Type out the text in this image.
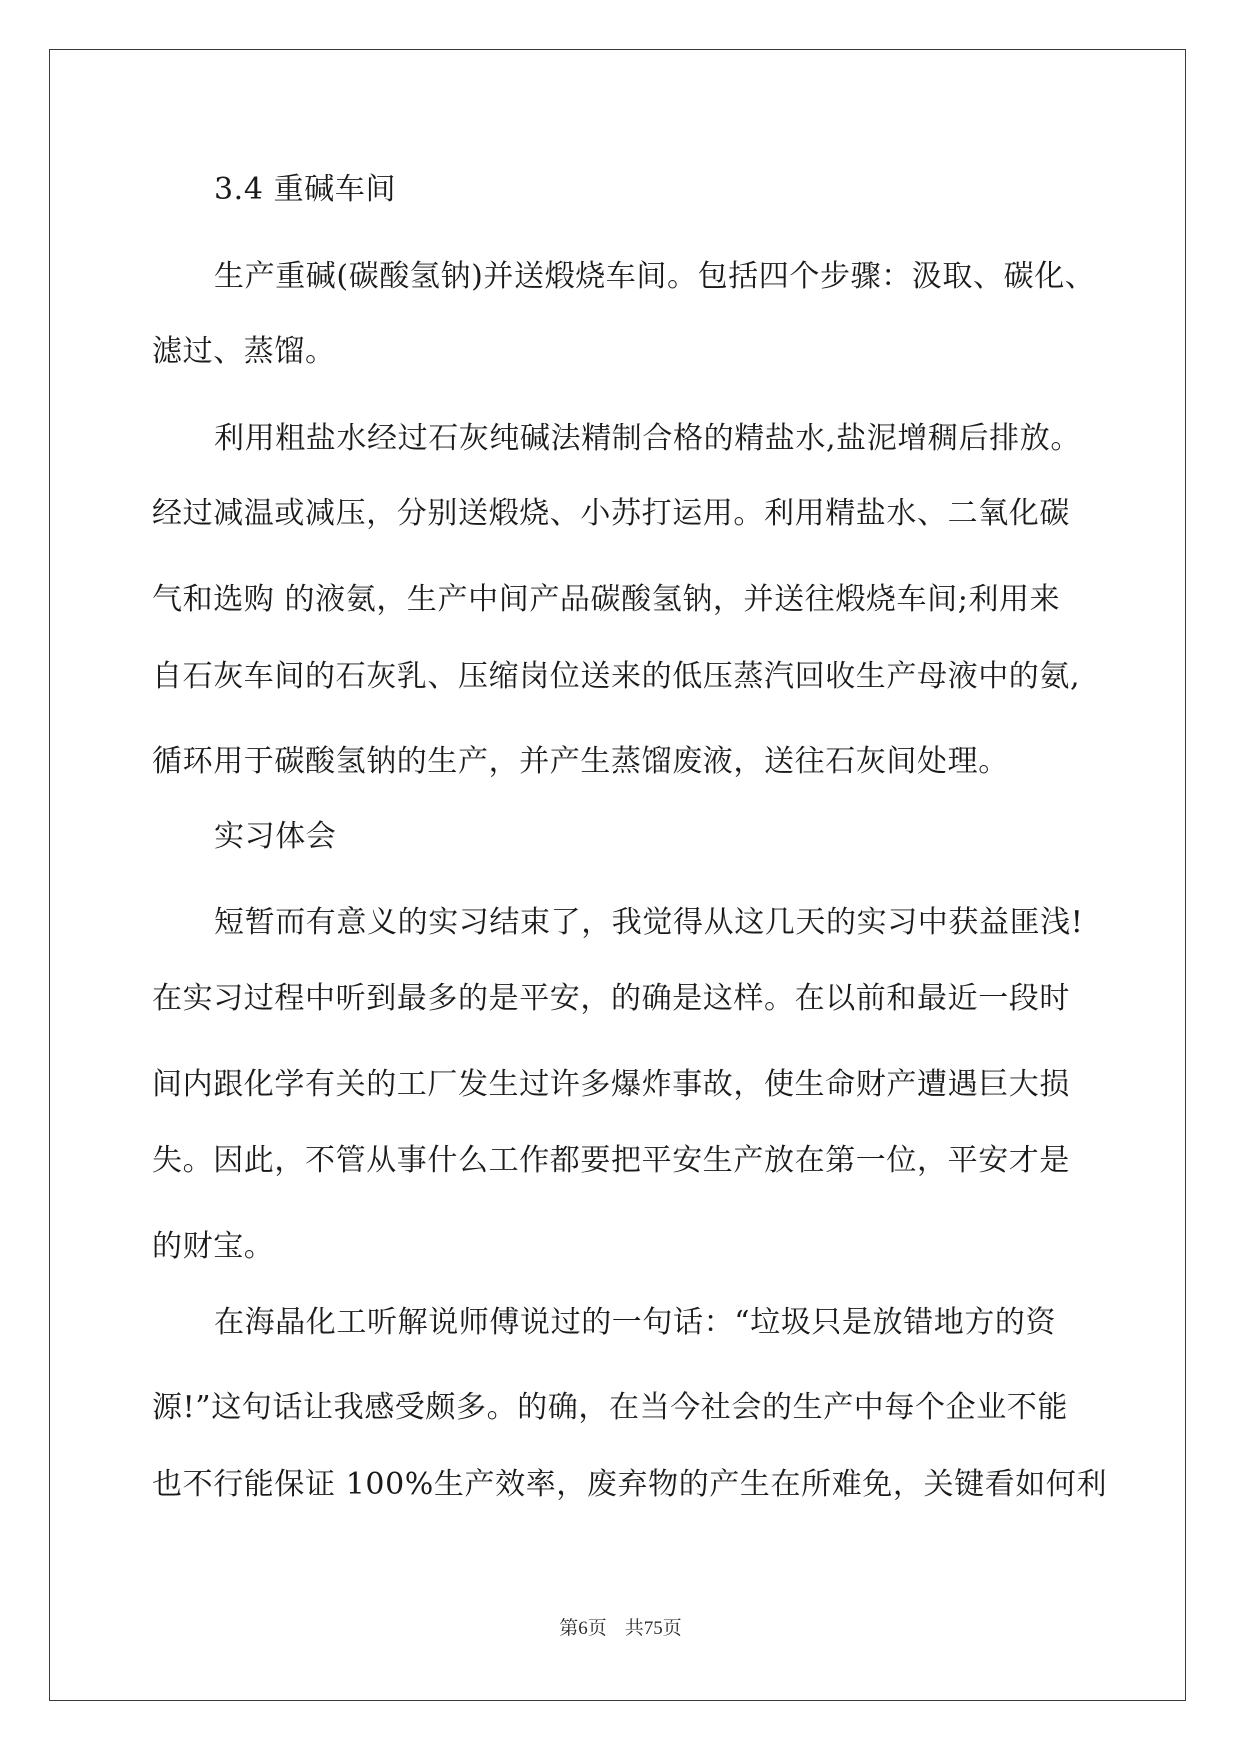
3.4 重碱车间
生产重碱(碳酸氢钠)并送煅烧车间。包括四个步骤：汲取、碳化、
滤过、蒸馏。
利用粗盐水经过石灰纯碱法精制合格的精盐水,盐泥增稠后排放。
经过减温或减压，分别送煅烧、小苏打运用。利用精盐水、二氧化碳
气和选购 的液氨，生产中间产品碳酸氢钠，并送往煅烧车间;利用来
自石灰车间的石灰乳、压缩岗位送来的低压蒸汽回收生产母液中的氨,
循环用于碳酸氢钠的生产，并产生蒸馏废液，送往石灰间处理。
实习体会
短暂而有意义的实习结束了，我觉得从这几天的实习中获益匪浅!
在实习过程中听到最多的是平安，的确是这样。在以前和最近一段时
间内跟化学有关的工厂发生过许多爆炸事故，使生命财产遭遇巨大损
失。因此，不管从事什么工作都要把平安生产放在第一位，平安才是
的财宝。
在海晶化工听解说师傅说过的一句话：“垃圾只是放错地方的资
源!”这句话让我感受颇多。的确，在当今社会的生产中每个企业不能
也不行能保证 100%生产效率，废弃物的产生在所难免，关键看如何利
第6页 共75页
